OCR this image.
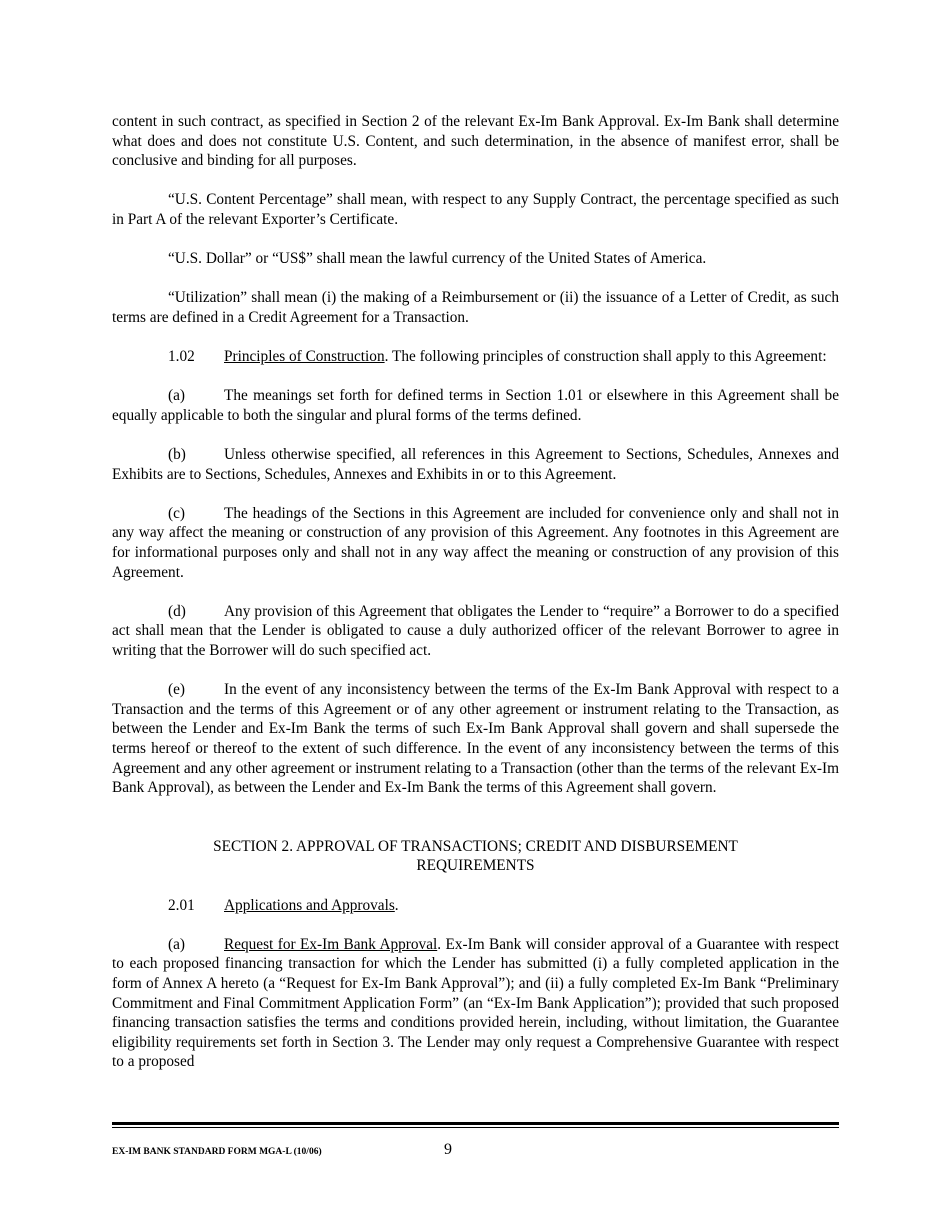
content in such contract, as specified in Section 2 of the relevant Ex-Im Bank Approval. Ex-Im Bank shall determine what does and does not constitute U.S. Content, and such determination, in the absence of manifest error, shall be conclusive and binding for all purposes.

“U.S. Content Percentage” shall mean, with respect to any Supply Contract, the percentage specified as such in Part A of the relevant Exporter’s Certificate.

“U.S. Dollar” or “US$” shall mean the lawful currency of the United States of America.

“Utilization” shall mean (i) the making of a Reimbursement or (ii) the issuance of a Letter of Credit, as such terms are defined in a Credit Agreement for a Transaction.

1.02 Principles of Construction. The following principles of construction shall apply to this Agreement:

(a)	The meanings set forth for defined terms in Section 1.01 or elsewhere in this Agreement shall be equally applicable to both the singular and plural forms of the terms defined.

(b) Unless otherwise specified, all references in this Agreement to Sections, Schedules, Annexes and Exhibits are to Sections, Schedules, Annexes and Exhibits in or to this Agreement.

(c)	The headings of the Sections in this Agreement are included for convenience only and shall not in any way affect the meaning or construction of any provision of this Agreement. Any footnotes in this Agreement are for informational purposes only and shall not in any way affect the meaning or construction of any provision of this Agreement.

(d) Any provision of this Agreement that obligates the Lender to “require” a Borrower to do a specified act shall mean that the Lender is obligated to cause a duly authorized officer of the relevant Borrower to agree in writing that the Borrower will do such specified act.

(e)	In the event of any inconsistency between the terms of the Ex-Im Bank Approval with respect to a Transaction and the terms of this Agreement or of any other agreement or instrument relating to the Transaction, as between the Lender and Ex-Im Bank the terms of such Ex-Im Bank Approval shall govern and shall supersede the terms hereof or thereof to the extent of such difference. In the event of any inconsistency between the terms of this Agreement and any other agreement or instrument relating to a Transaction (other than the terms of the relevant Ex-Im Bank Approval), as between the Lender and Ex-Im Bank the terms of this Agreement shall govern.

SECTION 2. APPROVAL OF TRANSACTIONS; CREDIT AND DISBURSEMENT
REQUIREMENTS

2.01 Applications and Approvals.

(a)	Request for Ex-Im Bank Approval. Ex-Im Bank will consider approval of a Guarantee with respect to each proposed financing transaction for which the Lender has submitted (i) a fully completed application in the form of Annex A hereto (a “Request for Ex-Im Bank Approval”); and (ii) a fully completed Ex-Im Bank “Preliminary Commitment and Final Commitment Application Form” (an “Ex-Im Bank Application”); provided that such proposed financing transaction satisfies the terms and conditions provided herein, including, without limitation, the Guarantee eligibility requirements set forth in Section 3. The Lender may only request a Comprehensive Guarantee with respect to a proposed

EX-IM BANK STANDARD FORM MGA-L (10/06)	9
